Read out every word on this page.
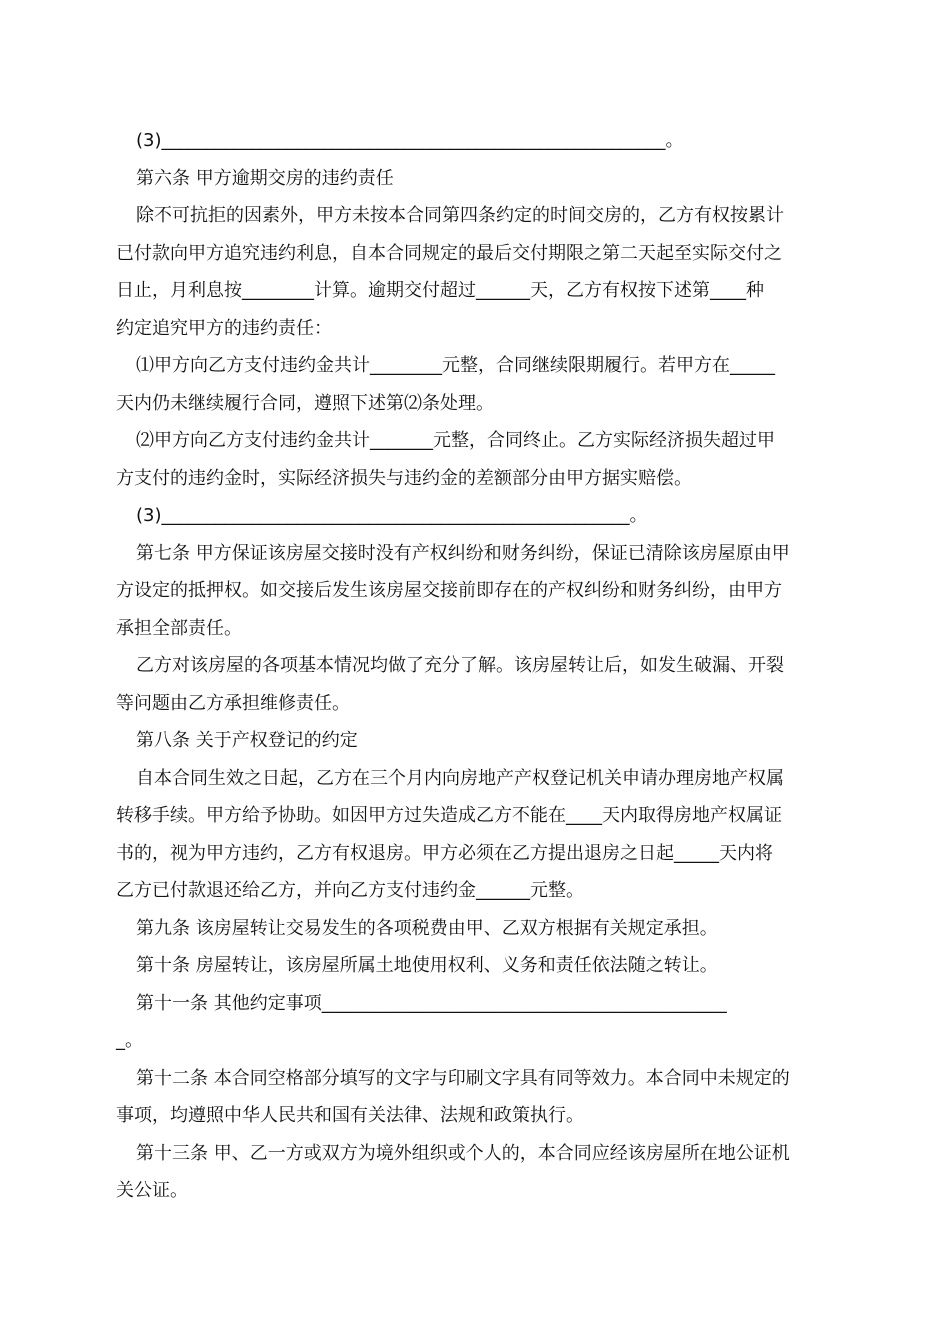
(3)________________________________________________________。

第六条 甲方逾期交房的违约责任

除不可抗拒的因素外，甲方未按本合同第四条约定的时间交房的，乙方有权按累计

已付款向甲方追究违约利息，自本合同规定的最后交付期限之第二天起至实际交付之

日止，月利息按________计算。逾期交付超过______天，乙方有权按下述第____种

约定追究甲方的违约责任：

⑴甲方向乙方支付违约金共计________元整，合同继续限期履行。若甲方在_____

天内仍未继续履行合同，遵照下述第⑵条处理。

⑵甲方向乙方支付违约金共计_______元整，合同终止。乙方实际经济损失超过甲

方支付的违约金时，实际经济损失与违约金的差额部分由甲方据实赔偿。

(3)____________________________________________________。

第七条 甲方保证该房屋交接时没有产权纠纷和财务纠纷，保证已清除该房屋原由甲

方设定的抵押权。如交接后发生该房屋交接前即存在的产权纠纷和财务纠纷，由甲方

承担全部责任。

乙方对该房屋的各项基本情况均做了充分了解。该房屋转让后，如发生破漏、开裂

等问题由乙方承担维修责任。

第八条 关于产权登记的约定

自本合同生效之日起，乙方在三个月内向房地产产权登记机关申请办理房地产权属

转移手续。甲方给予协助。如因甲方过失造成乙方不能在____天内取得房地产权属证

书的，视为甲方违约，乙方有权退房。甲方必须在乙方提出退房之日起_____天内将

乙方已付款退还给乙方，并向乙方支付违约金______元整。

第九条 该房屋转让交易发生的各项税费由甲、乙双方根据有关规定承担。

第十条 房屋转让，该房屋所属土地使用权利、义务和责任依法随之转让。

第十一条 其他约定事项_____________________________________________

_。

第十二条 本合同空格部分填写的文字与印刷文字具有同等效力。本合同中未规定的

事项，均遵照中华人民共和国有关法律、法规和政策执行。

第十三条 甲、乙一方或双方为境外组织或个人的，本合同应经该房屋所在地公证机

关公证。
